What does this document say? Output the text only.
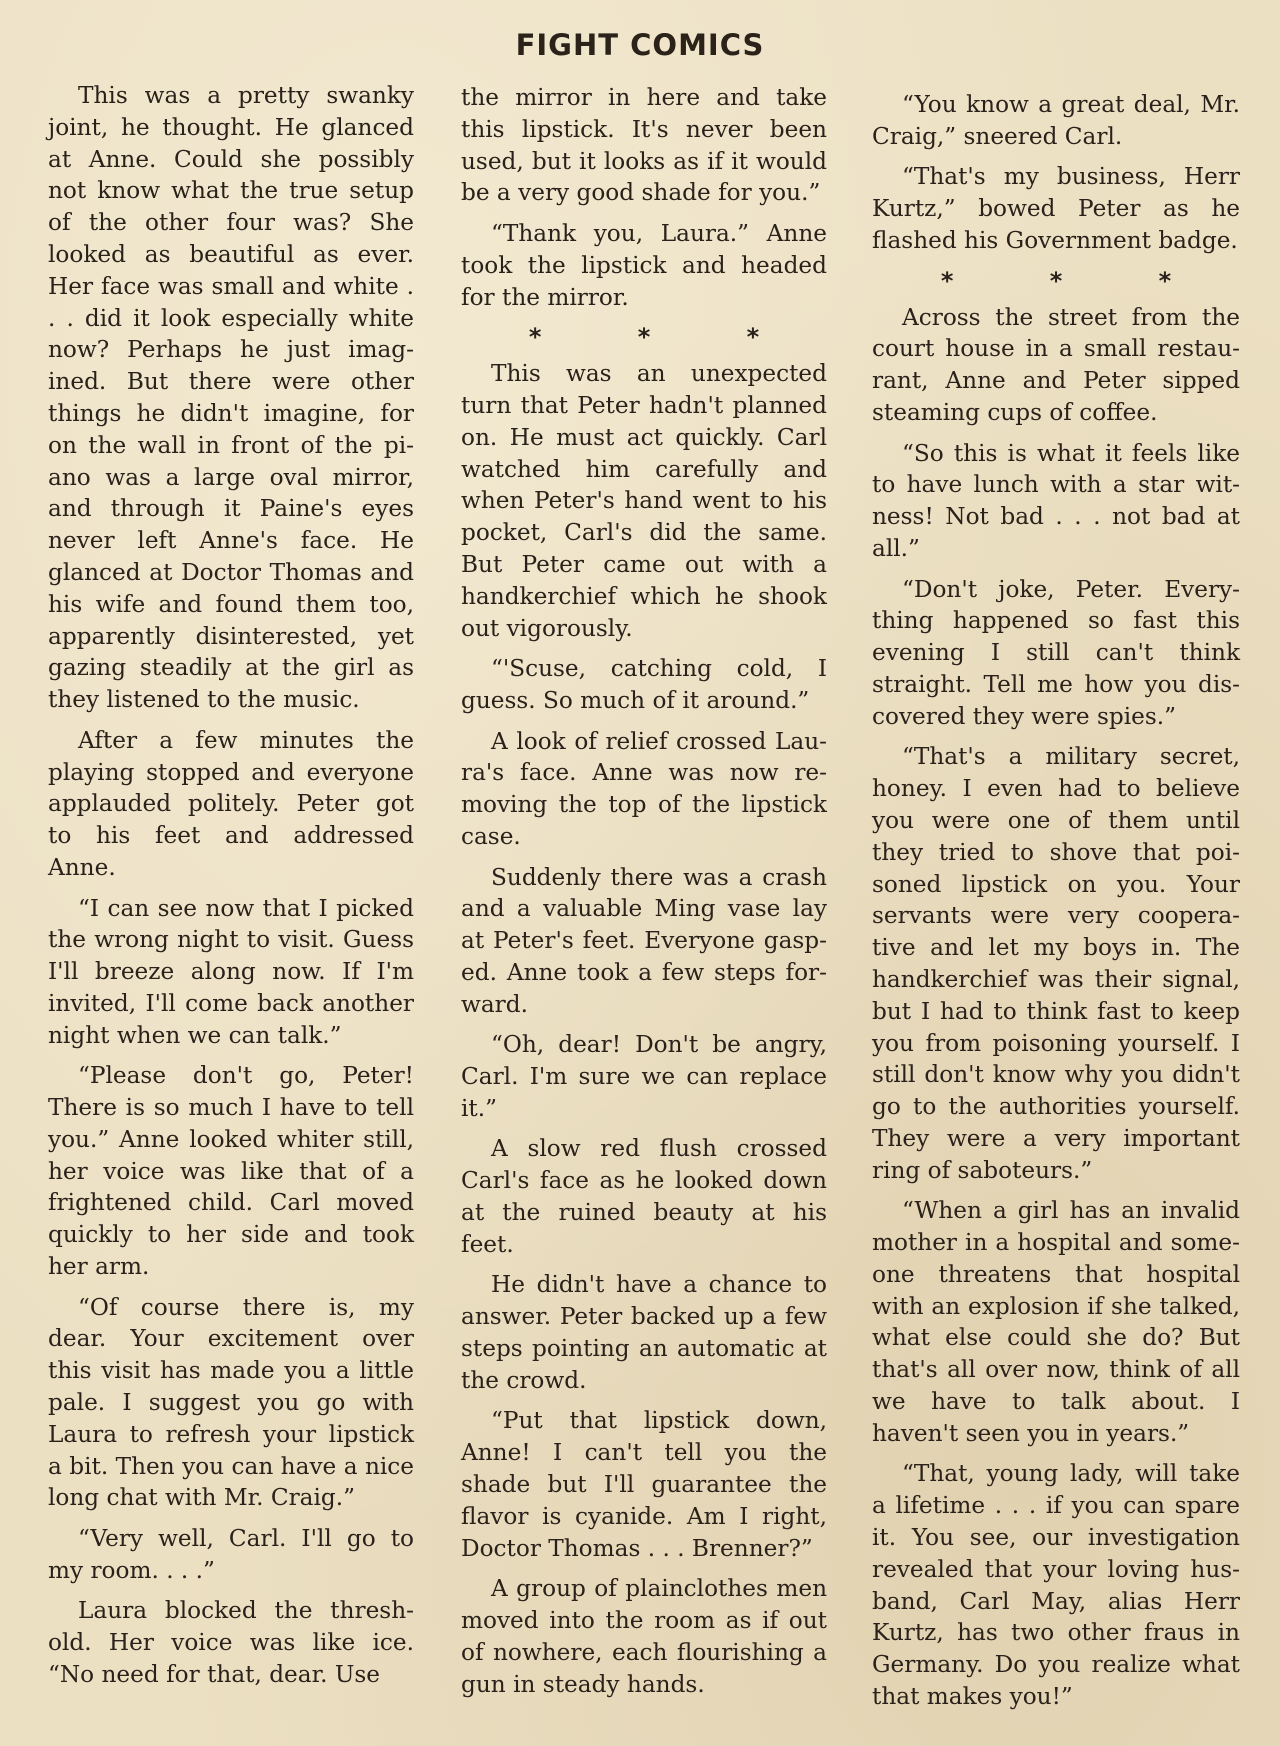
FIGHT COMICS

This was a pretty swanky joint, he thought. He glanced at Anne. Could she possibly not know what the true setup of the other four was? She looked as beautiful as ever. Her face was small and white . . . did it look especially white now? Perhaps he just imagined. But there were other things he didn't imagine, for on the wall in front of the piano was a large oval mirror, and through it Paine's eyes never left Anne's face. He glanced at Doctor Thomas and his wife and found them too, apparently disinterested, yet gazing steadily at the girl as they listened to the music.

After a few minutes the playing stopped and everyone applauded politely. Peter got to his feet and addressed Anne.

“I can see now that I picked the wrong night to visit. Guess I'll breeze along now. If I'm invited, I'll come back another night when we can talk.”

“Please don't go, Peter! There is so much I have to tell you.” Anne looked whiter still, her voice was like that of a frightened child. Carl moved quickly to her side and took her arm.

“Of course there is, my dear. Your excitement over this visit has made you a little pale. I suggest you go with Laura to refresh your lipstick a bit. Then you can have a nice long chat with Mr. Craig.”

“Very well, Carl. I'll go to my room. . . .”

Laura blocked the threshold. Her voice was like ice. “No need for that, dear. Use

the mirror in here and take this lipstick. It's never been used, but it looks as if it would be a very good shade for you.”

“Thank you, Laura.” Anne took the lipstick and headed for the mirror.

* * *

This was an unexpected turn that Peter hadn't planned on. He must act quickly. Carl watched him carefully and when Peter's hand went to his pocket, Carl's did the same. But Peter came out with a handkerchief which he shook out vigorously.

“'Scuse, catching cold, I guess. So much of it around.”

A look of relief crossed Laura's face. Anne was now removing the top of the lipstick case.

Suddenly there was a crash and a valuable Ming vase lay at Peter's feet. Everyone gasped. Anne took a few steps forward.

“Oh, dear! Don't be angry, Carl. I'm sure we can replace it.”

A slow red flush crossed Carl's face as he looked down at the ruined beauty at his feet.

He didn't have a chance to answer. Peter backed up a few steps pointing an automatic at the crowd.

“Put that lipstick down, Anne! I can't tell you the shade but I'll guarantee the flavor is cyanide. Am I right, Doctor Thomas . . . Brenner?”

A group of plainclothes men moved into the room as if out of nowhere, each flourishing a gun in steady hands.

“You know a great deal, Mr. Craig,” sneered Carl.

“That's my business, Herr Kurtz,” bowed Peter as he flashed his Government badge.

* * *

Across the street from the court house in a small restaurant, Anne and Peter sipped steaming cups of coffee.

“So this is what it feels like to have lunch with a star witness! Not bad . . . not bad at all.”

“Don't joke, Peter. Everything happened so fast this evening I still can't think straight. Tell me how you discovered they were spies.”

“That's a military secret, honey. I even had to believe you were one of them until they tried to shove that poisoned lipstick on you. Your servants were very cooperative and let my boys in. The handkerchief was their signal, but I had to think fast to keep you from poisoning yourself. I still don't know why you didn't go to the authorities yourself. They were a very important ring of saboteurs.”

“When a girl has an invalid mother in a hospital and someone threatens that hospital with an explosion if she talked, what else could she do? But that's all over now, think of all we have to talk about. I haven't seen you in years.”

“That, young lady, will take a lifetime . . . if you can spare it. You see, our investigation revealed that your loving husband, Carl May, alias Herr Kurtz, has two other fraus in Germany. Do you realize what that makes you!”
